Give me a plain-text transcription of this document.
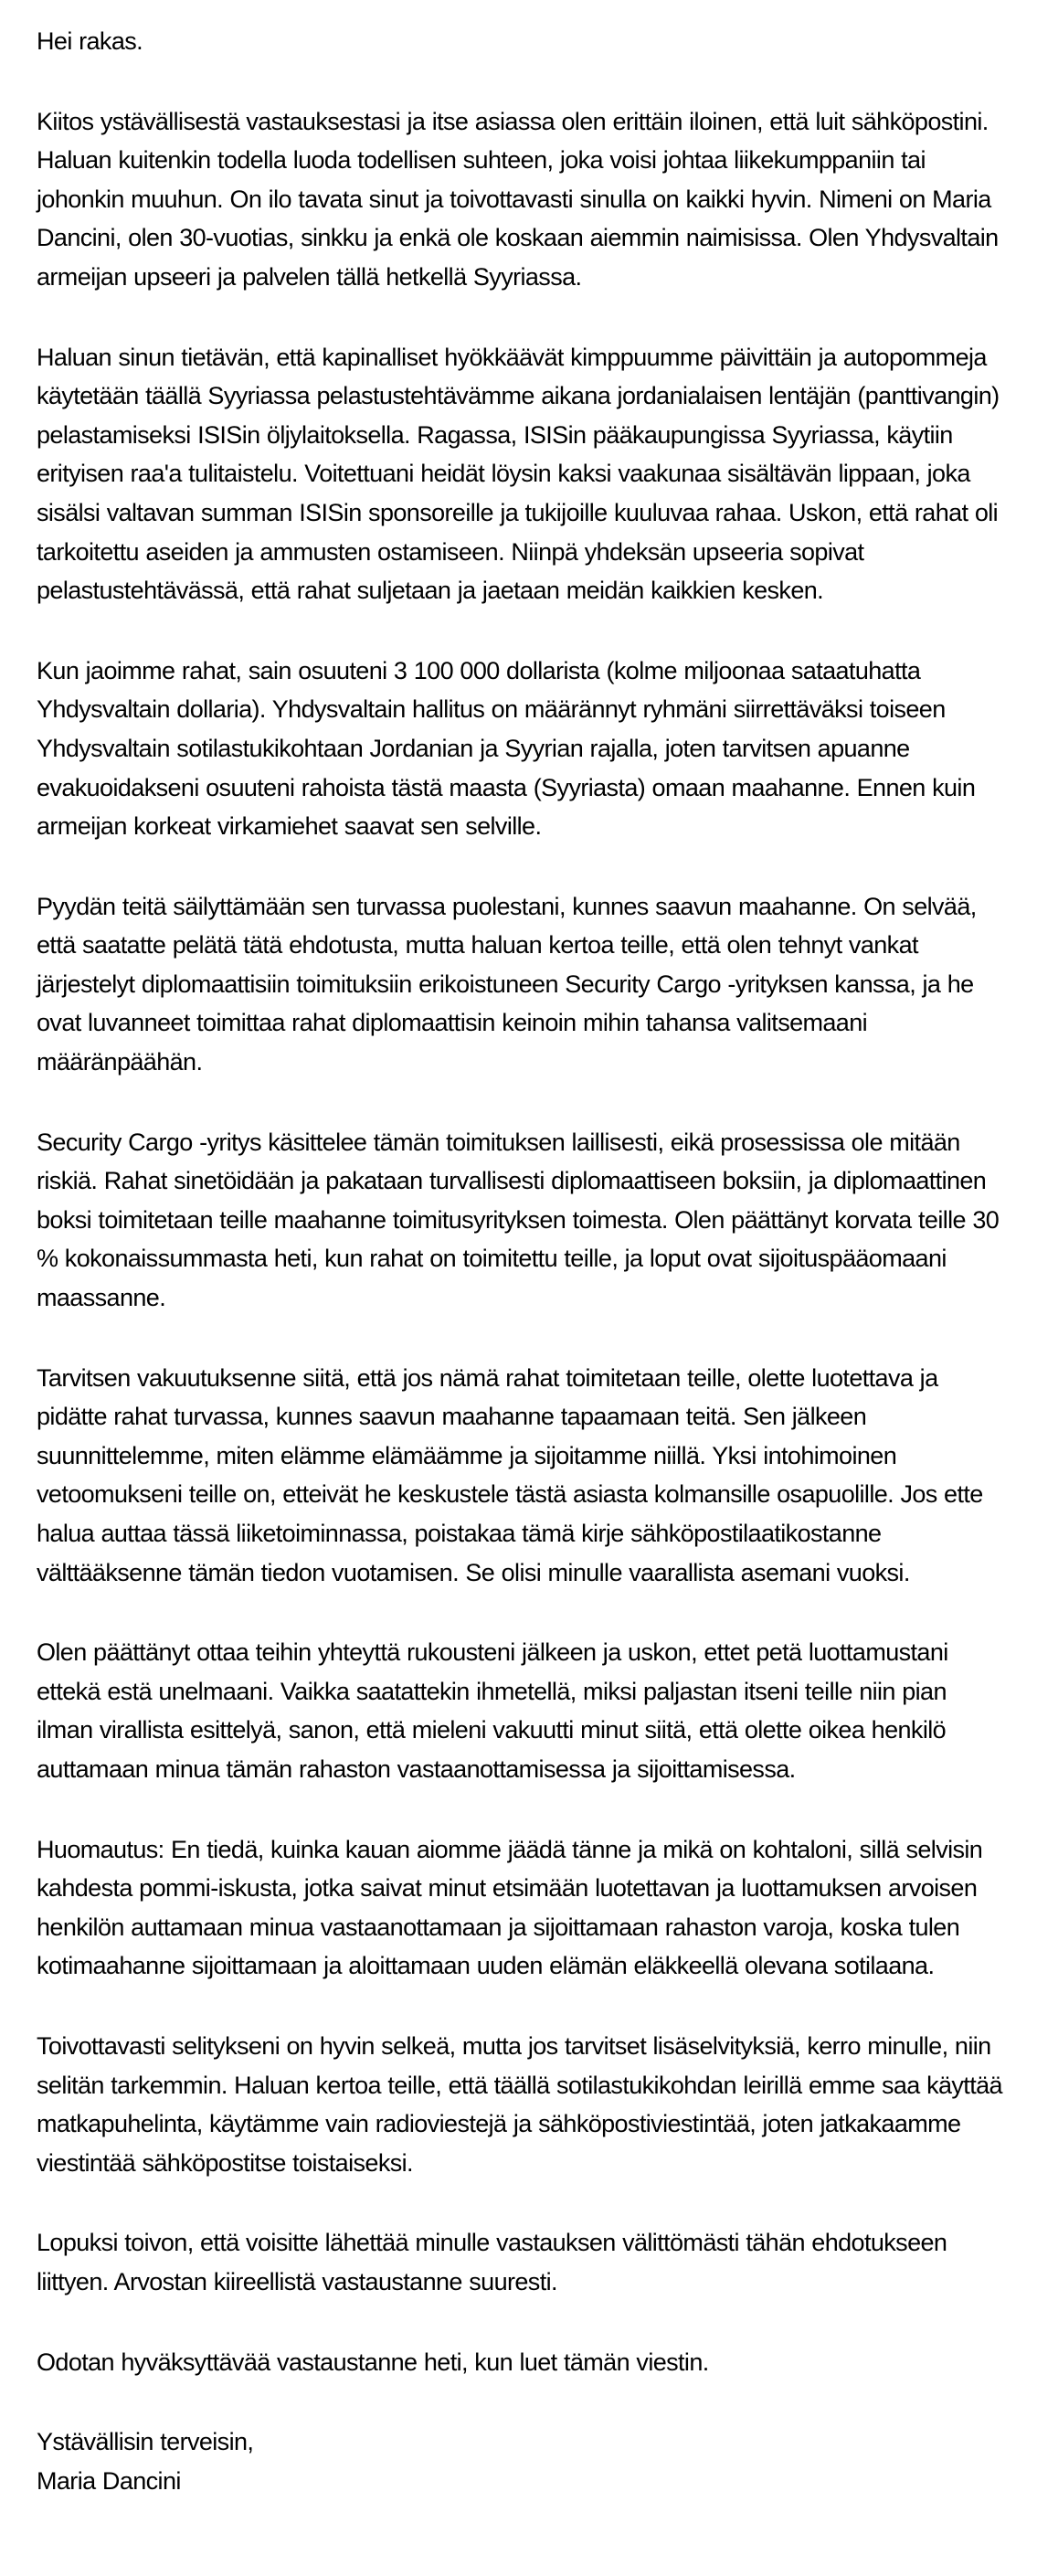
Hei rakas.

Kiitos ystävällisestä vastauksestasi ja itse asiassa olen erittäin iloinen, että luit sähköpostini. Haluan kuitenkin todella luoda todellisen suhteen, joka voisi johtaa liikekumppaniin tai johonkin muuhun. On ilo tavata sinut ja toivottavasti sinulla on kaikki hyvin. Nimeni on Maria Dancini, olen 30-vuotias, sinkku ja enkä ole koskaan aiemmin naimisissa. Olen Yhdysvaltain armeijan upseeri ja palvelen tällä hetkellä Syyriassa.

Haluan sinun tietävän, että kapinalliset hyökkäävät kimppuumme päivittäin ja autopommeja käytetään täällä Syyriassa pelastustehtävämme aikana jordanialaisen lentäjän (panttivangin) pelastamiseksi ISISin öljylaitoksella. Ragassa, ISISin pääkaupungissa Syyriassa, käytiin erityisen raa'a tulitaistelu. Voitettuani heidät löysin kaksi vaakunaa sisältävän lippaan, joka sisälsi valtavan summan ISISin sponsoreille ja tukijoille kuuluvaa rahaa. Uskon, että rahat oli tarkoitettu aseiden ja ammusten ostamiseen. Niinpä yhdeksän upseeria sopivat pelastustehtävässä, että rahat suljetaan ja jaetaan meidän kaikkien kesken.

Kun jaoimme rahat, sain osuuteni 3 100 000 dollarista (kolme miljoonaa sataatuhatta Yhdysvaltain dollaria). Yhdysvaltain hallitus on määrännyt ryhmäni siirrettäväksi toiseen Yhdysvaltain sotilastukikohtaan Jordanian ja Syyrian rajalla, joten tarvitsen apuanne evakuoidakseni osuuteni rahoista tästä maasta (Syyriasta) omaan maahanne. Ennen kuin armeijan korkeat virkamiehet saavat sen selville.

Pyydän teitä säilyttämään sen turvassa puolestani, kunnes saavun maahanne. On selvää, että saatatte pelätä tätä ehdotusta, mutta haluan kertoa teille, että olen tehnyt vankat järjestelyt diplomaattisiin toimituksiin erikoistuneen Security Cargo -yrityksen kanssa, ja he ovat luvanneet toimittaa rahat diplomaattisin keinoin mihin tahansa valitsemaani määränpäähän.

Security Cargo -yritys käsittelee tämän toimituksen laillisesti, eikä prosessissa ole mitään riskiä. Rahat sinetöidään ja pakataan turvallisesti diplomaattiseen boksiin, ja diplomaattinen boksi toimitetaan teille maahanne toimitusyrityksen toimesta. Olen päättänyt korvata teille 30 % kokonaissummasta heti, kun rahat on toimitettu teille, ja loput ovat sijoituspääomaani maassanne.

Tarvitsen vakuutuksenne siitä, että jos nämä rahat toimitetaan teille, olette luotettava ja pidätte rahat turvassa, kunnes saavun maahanne tapaamaan teitä. Sen jälkeen suunnittelemme, miten elämme elämäämme ja sijoitamme niillä. Yksi intohimoinen vetoomukseni teille on, etteivät he keskustele tästä asiasta kolmansille osapuolille. Jos ette halua auttaa tässä liiketoiminnassa, poistakaa tämä kirje sähköpostilaatikostanne välttääksenne tämän tiedon vuotamisen. Se olisi minulle vaarallista asemani vuoksi.

Olen päättänyt ottaa teihin yhteyttä rukousteni jälkeen ja uskon, ettet petä luottamustani ettekä estä unelmaani. Vaikka saatattekin ihmetellä, miksi paljastan itseni teille niin pian ilman virallista esittelyä, sanon, että mieleni vakuutti minut siitä, että olette oikea henkilö auttamaan minua tämän rahaston vastaanottamisessa ja sijoittamisessa.

Huomautus: En tiedä, kuinka kauan aiomme jäädä tänne ja mikä on kohtaloni, sillä selvisin kahdesta pommi-iskusta, jotka saivat minut etsimään luotettavan ja luottamuksen arvoisen henkilön auttamaan minua vastaanottamaan ja sijoittamaan rahaston varoja, koska tulen kotimaahanne sijoittamaan ja aloittamaan uuden elämän eläkkeellä olevana sotilaana.

Toivottavasti selitykseni on hyvin selkeä, mutta jos tarvitset lisäselvityksiä, kerro minulle, niin selitän tarkemmin. Haluan kertoa teille, että täällä sotilastukikohdan leirillä emme saa käyttää matkapuhelinta, käytämme vain radioviestejä ja sähköpostiviestintää, joten jatkakaamme viestintää sähköpostitse toistaiseksi.

Lopuksi toivon, että voisitte lähettää minulle vastauksen välittömästi tähän ehdotukseen liittyen. Arvostan kiireellistä vastaustanne suuresti.

Odotan hyväksyttävää vastaustanne heti, kun luet tämän viestin.

Ystävällisin terveisin,

Maria Dancini
